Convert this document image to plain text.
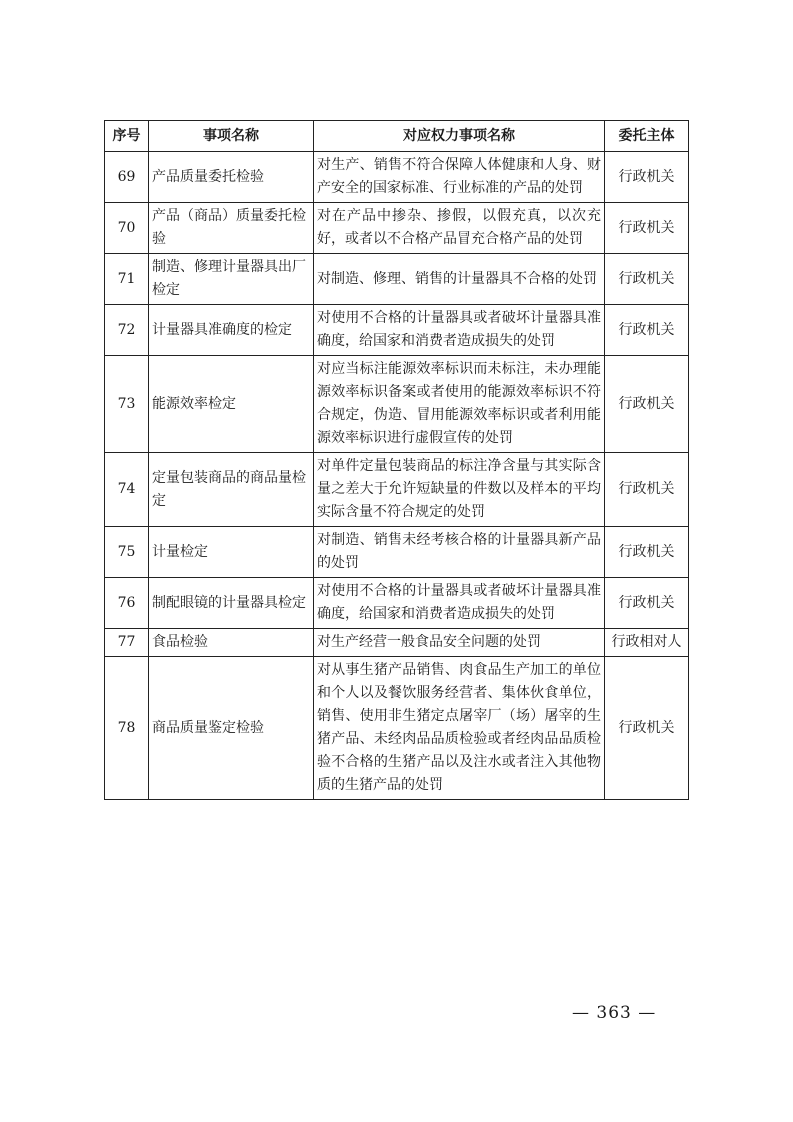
序号	事项名称	对应权力事项名称	委托主体
69	产品质量委托检验	对生产、销售不符合保障人体健康和人身、财产安全的国家标准、行业标准的产品的处罚	行政机关
70	产品（商品）质量委托检验	对在产品中掺杂、掺假，以假充真，以次充好，或者以不合格产品冒充合格产品的处罚	行政机关
71	制造、修理计量器具出厂检定	对制造、修理、销售的计量器具不合格的处罚	行政机关
72	计量器具准确度的检定	对使用不合格的计量器具或者破坏计量器具准确度，给国家和消费者造成损失的处罚	行政机关
73	能源效率检定	对应当标注能源效率标识而未标注，未办理能源效率标识备案或者使用的能源效率标识不符合规定，伪造、冒用能源效率标识或者利用能源效率标识进行虚假宣传的处罚	行政机关
74	定量包装商品的商品量检定	对单件定量包装商品的标注净含量与其实际含量之差大于允许短缺量的件数以及样本的平均实际含量不符合规定的处罚	行政机关
75	计量检定	对制造、销售未经考核合格的计量器具新产品的处罚	行政机关
76	制配眼镜的计量器具检定	对使用不合格的计量器具或者破坏计量器具准确度，给国家和消费者造成损失的处罚	行政机关
77	食品检验	对生产经营一般食品安全问题的处罚	行政相对人
78	商品质量鉴定检验	对从事生猪产品销售、肉食品生产加工的单位和个人以及餐饮服务经营者、集体伙食单位，销售、使用非生猪定点屠宰厂（场）屠宰的生猪产品、未经肉品品质检验或者经肉品品质检验不合格的生猪产品以及注水或者注入其他物质的生猪产品的处罚	行政机关
— 363 —
